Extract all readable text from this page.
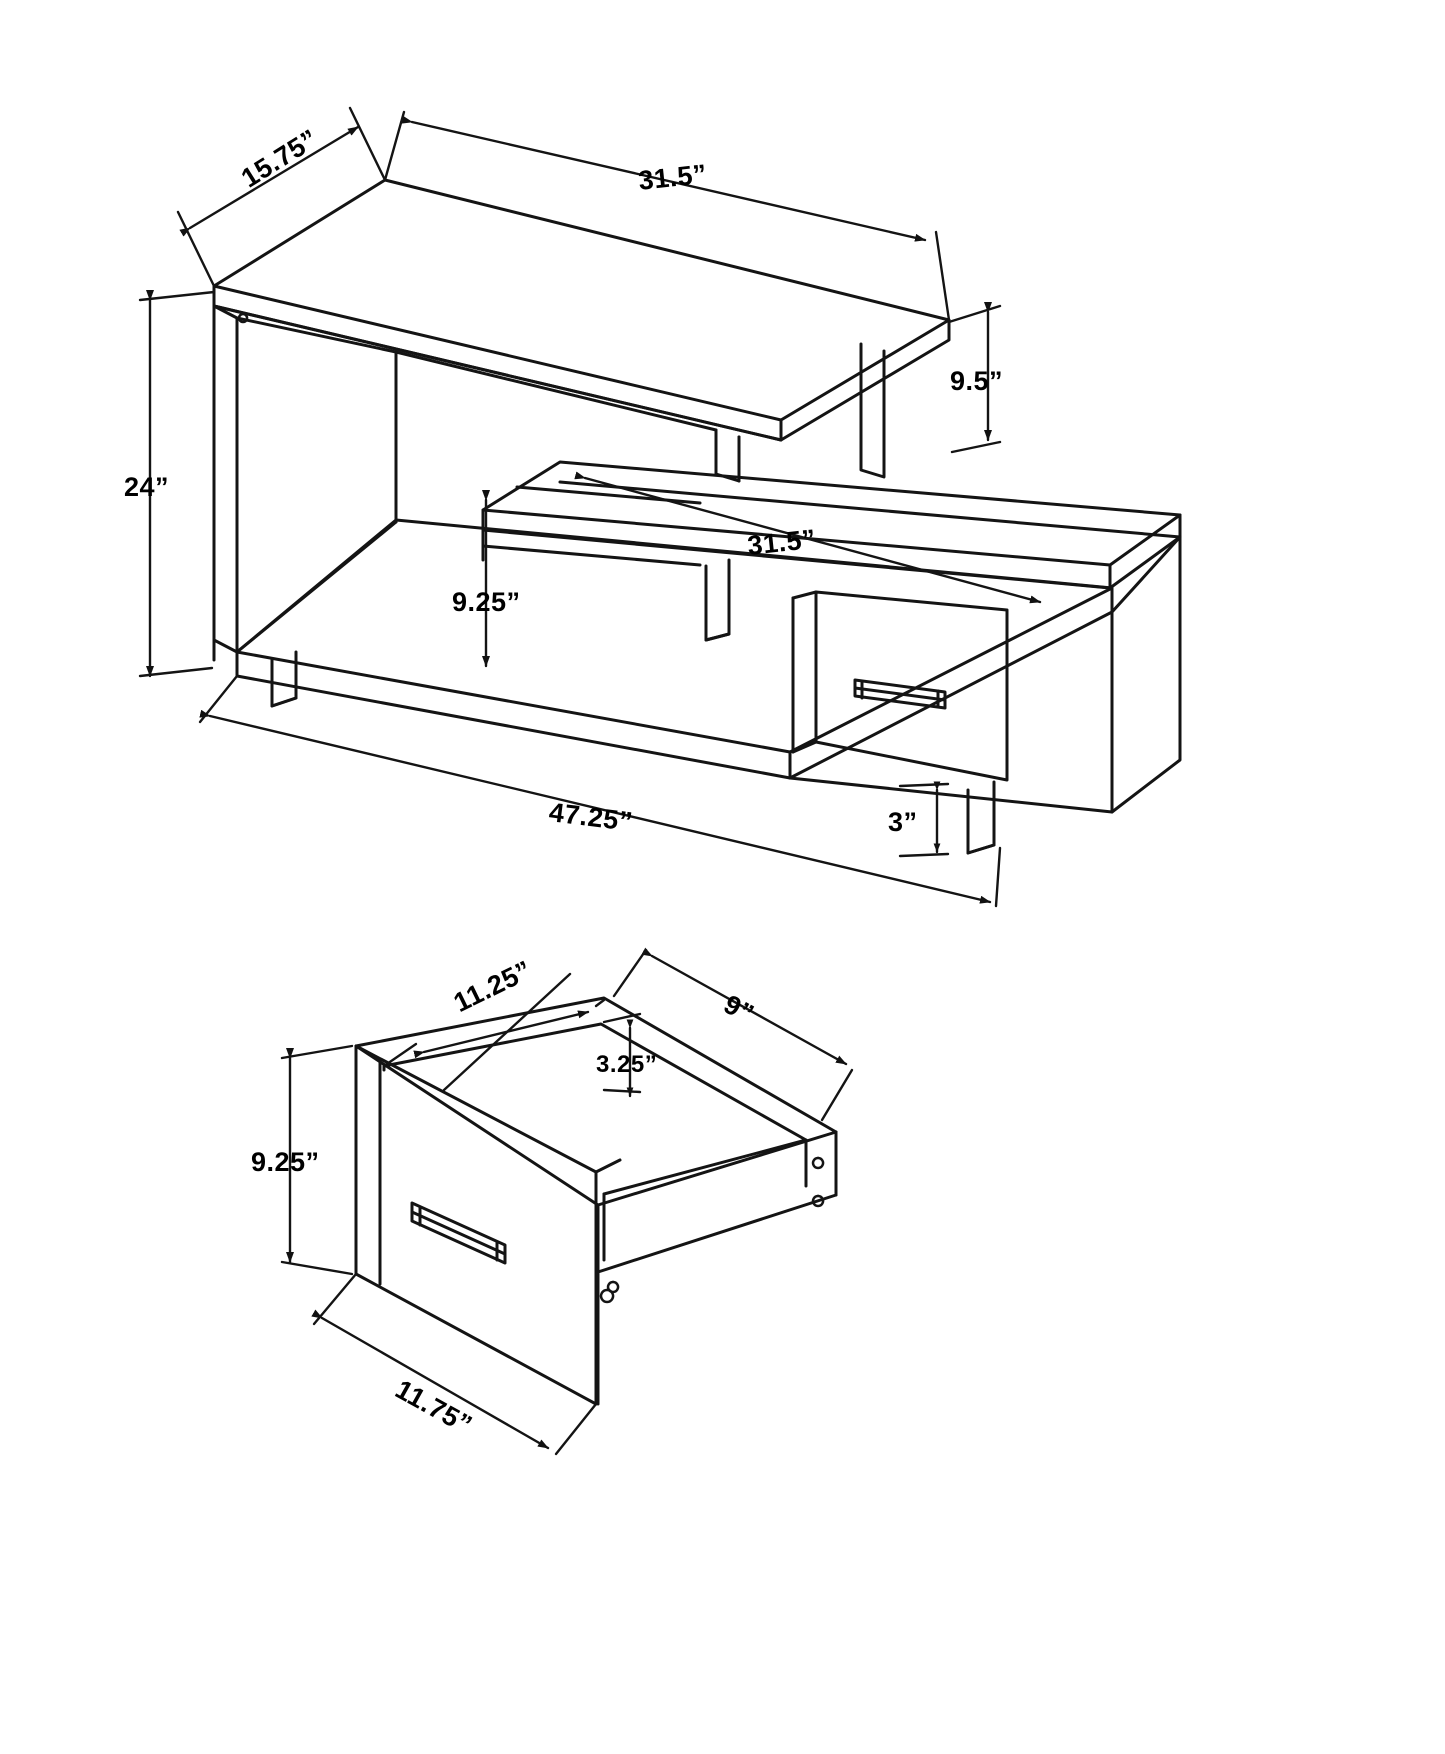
15.75”	31.5”
24”
9.5”
9.25”
31.5”
47.25”	3”
11.25”	9”
3.25”
9.25”
11.75”
